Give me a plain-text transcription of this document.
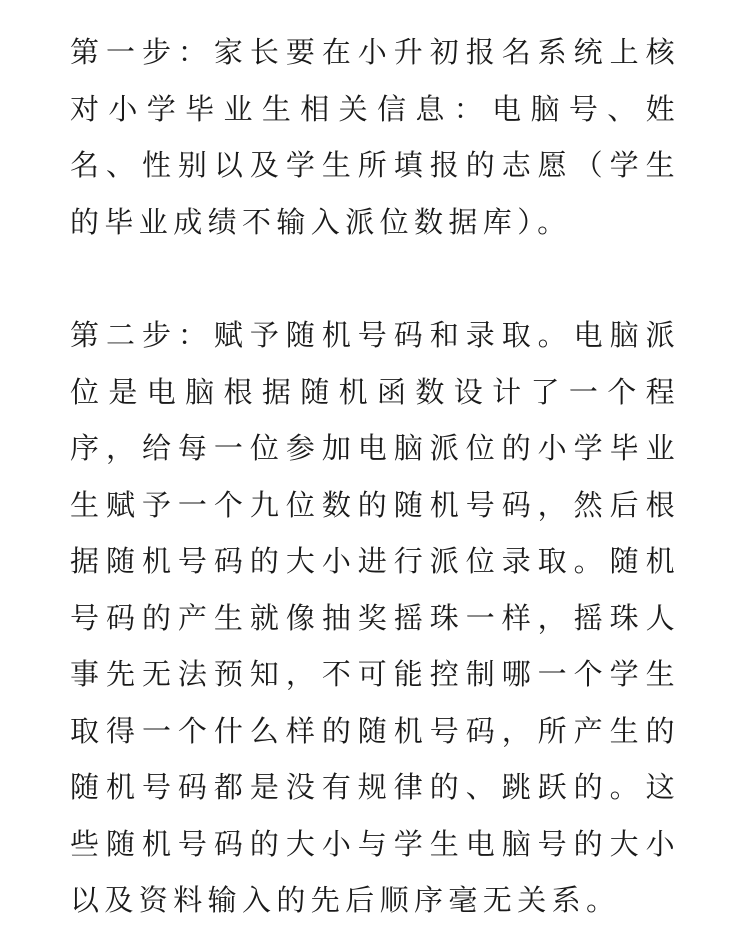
第一步：家长要在小升初报名系统上核对小学毕业生相关信息：电脑号、姓名、性别以及学生所填报的志愿（学生的毕业成绩不输入派位数据库）。

第二步：赋予随机号码和录取。电脑派位是电脑根据随机函数设计了一个程序，给每一位参加电脑派位的小学毕业生赋予一个九位数的随机号码，然后根据随机号码的大小进行派位录取。随机号码的产生就像抽奖摇珠一样，摇珠人事先无法预知，不可能控制哪一个学生取得一个什么样的随机号码，所产生的随机号码都是没有规律的、跳跃的。这些随机号码的大小与学生电脑号的大小以及资料输入的先后顺序毫无关系。
